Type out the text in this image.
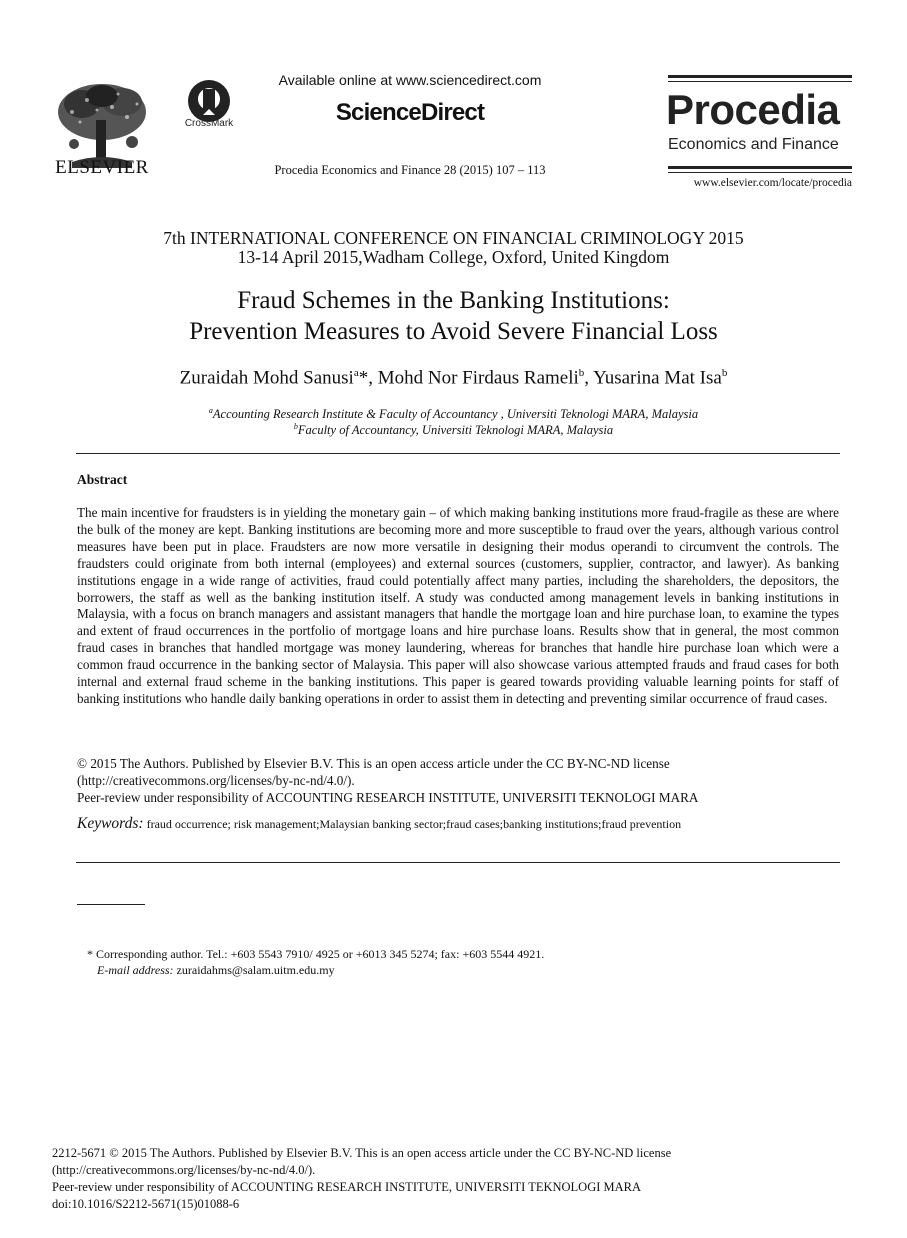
ELSEVIER
CrossMark
Available online at www.sciencedirect.com
ScienceDirect
Procedia Economics and Finance 28 (2015) 107 – 113
Procedia
Economics and Finance
www.elsevier.com/locate/procedia
7th INTERNATIONAL CONFERENCE ON FINANCIAL CRIMINOLOGY 2015
13-14 April 2015,Wadham College, Oxford, United Kingdom
Fraud Schemes in the Banking Institutions:
Prevention Measures to Avoid Severe Financial Loss
Zuraidah Mohd Sanusi$^a$*, Mohd Nor Firdaus Rameli$^b$, Yusarina Mat Isa$^b$
$^a$Accounting Research Institute & Faculty of Accountancy , Universiti Teknologi MARA, Malaysia
$^b$Faculty of Accountancy, Universiti Teknologi MARA, Malaysia
Abstract
The main incentive for fraudsters is in yielding the monetary gain – of which making banking institutions more fraud-fragile as these are where the bulk of the money are kept. Banking institutions are becoming more and more susceptible to fraud over the years, although various control measures have been put in place. Fraudsters are now more versatile in designing their modus operandi to circumvent the controls. The fraudsters could originate from both internal (employees) and external sources (customers, supplier, contractor, and lawyer). As banking institutions engage in a wide range of activities, fraud could potentially affect many parties, including the shareholders, the depositors, the borrowers, the staff as well as the banking institution itself. A study was conducted among management levels in banking institutions in Malaysia, with a focus on branch managers and assistant managers that handle the mortgage loan and hire purchase loan, to examine the types and extent of fraud occurrences in the portfolio of mortgage loans and hire purchase loans. Results show that in general, the most common fraud cases in branches that handled mortgage was money laundering, whereas for branches that handle hire purchase loan which were a common fraud occurrence in the banking sector of Malaysia. This paper will also showcase various attempted frauds and fraud cases for both internal and external fraud scheme in the banking institutions. This paper is geared towards providing valuable learning points for staff of banking institutions who handle daily banking operations in order to assist them in detecting and preventing similar occurrence of fraud cases.
© 2015 The Authors. Published by Elsevier B.V. This is an open access article under the CC BY-NC-ND license
(http://creativecommons.org/licenses/by-nc-nd/4.0/).
Peer-review under responsibility of ACCOUNTING RESEARCH INSTITUTE, UNIVERSITI TEKNOLOGI MARA
Keywords: fraud occurrence; risk management;Malaysian banking sector;fraud cases;banking institutions;fraud prevention
* Corresponding author. Tel.: +603 5543 7910/ 4925 or +6013 345 5274; fax: +603 5544 4921.
E-mail address: zuraidahms@salam.uitm.edu.my
2212-5671 © 2015 The Authors. Published by Elsevier B.V. This is an open access article under the CC BY-NC-ND license
(http://creativecommons.org/licenses/by-nc-nd/4.0/).
Peer-review under responsibility of ACCOUNTING RESEARCH INSTITUTE, UNIVERSITI TEKNOLOGI MARA
doi:10.1016/S2212-5671(15)01088-6
